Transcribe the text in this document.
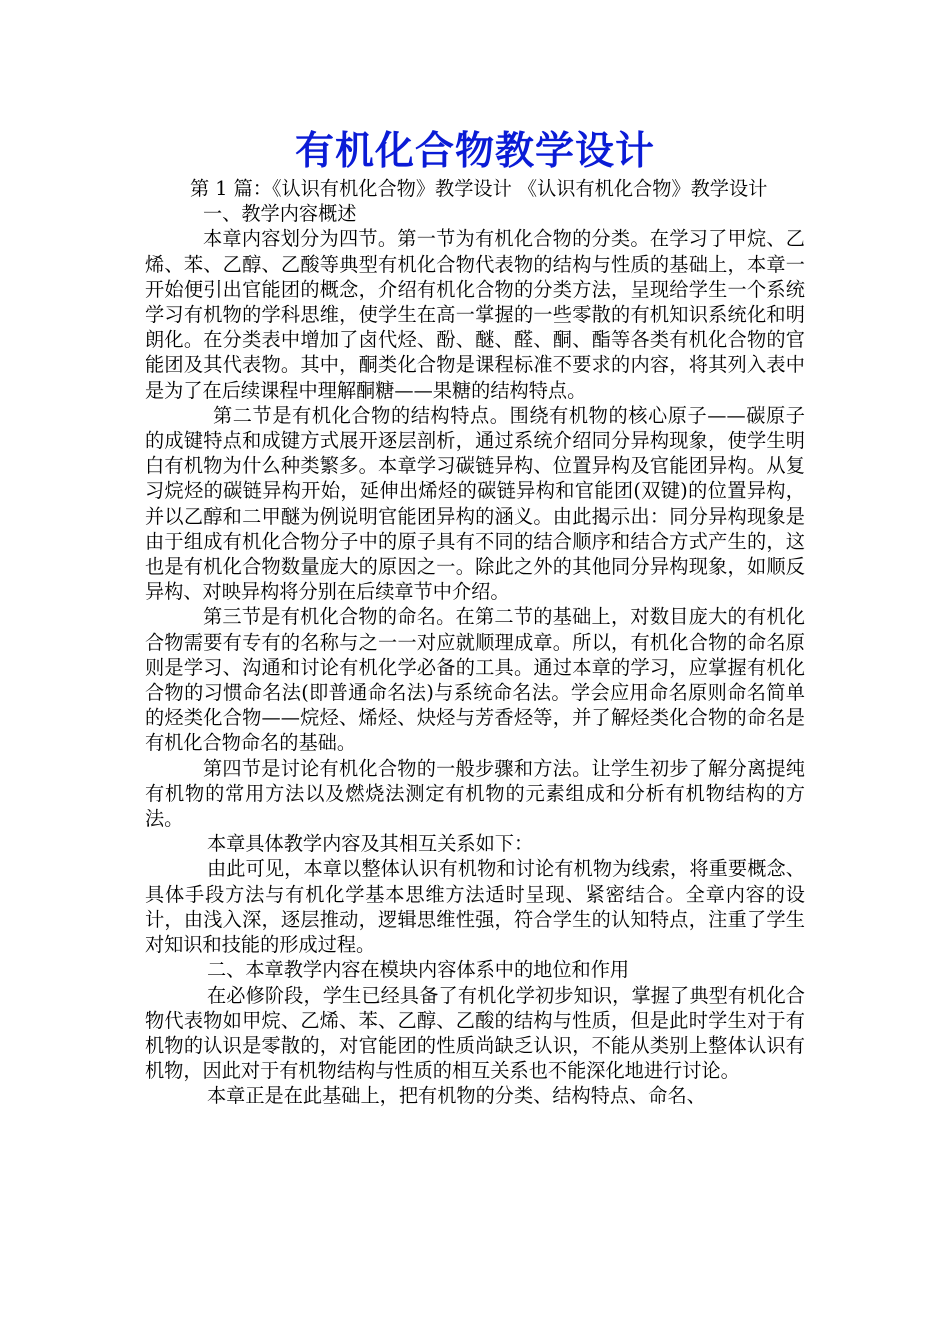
有机化合物教学设计

第 1 篇：《认识有机化合物》教学设计 《认识有机化合物》教学设计

一、教学内容概述

本章内容划分为四节。第一节为有机化合物的分类。在学习了甲烷、乙烯、苯、乙醇、乙酸等典型有机化合物代表物的结构与性质的基础上，本章一开始便引出官能团的概念，介绍有机化合物的分类方法，呈现给学生一个系统学习有机物的学科思维，使学生在高一掌握的一些零散的有机知识系统化和明朗化。在分类表中增加了卤代烃、酚、醚、醛、酮、酯等各类有机化合物的官能团及其代表物。其中，酮类化合物是课程标准不要求的内容，将其列入表中是为了在后续课程中理解酮糖——果糖的结构特点。

第二节是有机化合物的结构特点。围绕有机物的核心原子——碳原子的成键特点和成键方式展开逐层剖析，通过系统介绍同分异构现象，使学生明白有机物为什么种类繁多。本章学习碳链异构、位置异构及官能团异构。从复习烷烃的碳链异构开始，延伸出烯烃的碳链异构和官能团(双键)的位置异构，并以乙醇和二甲醚为例说明官能团异构的涵义。由此揭示出：同分异构现象是由于组成有机化合物分子中的原子具有不同的结合顺序和结合方式产生的，这也是有机化合物数量庞大的原因之一。除此之外的其他同分异构现象，如顺反异构、对映异构将分别在后续章节中介绍。

第三节是有机化合物的命名。在第二节的基础上，对数目庞大的有机化合物需要有专有的名称与之一一对应就顺理成章。所以，有机化合物的命名原则是学习、沟通和讨论有机化学必备的工具。通过本章的学习，应掌握有机化合物的习惯命名法(即普通命名法)与系统命名法。学会应用命名原则命名简单的烃类化合物——烷烃、烯烃、炔烃与芳香烃等，并了解烃类化合物的命名是有机化合物命名的基础。

第四节是讨论有机化合物的一般步骤和方法。让学生初步了解分离提纯有机物的常用方法以及燃烧法测定有机物的元素组成和分析有机物结构的方法。

本章具体教学内容及其相互关系如下：

由此可见，本章以整体认识有机物和讨论有机物为线索，将重要概念、具体手段方法与有机化学基本思维方法适时呈现、紧密结合。全章内容的设计，由浅入深，逐层推动，逻辑思维性强，符合学生的认知特点，注重了学生对知识和技能的形成过程。

二、本章教学内容在模块内容体系中的地位和作用

在必修阶段，学生已经具备了有机化学初步知识，掌握了典型有机化合物代表物如甲烷、乙烯、苯、乙醇、乙酸的结构与性质，但是此时学生对于有机物的认识是零散的，对官能团的性质尚缺乏认识，不能从类别上整体认识有机物，因此对于有机物结构与性质的相互关系也不能深化地进行讨论。

本章正是在此基础上，把有机物的分类、结构特点、命名、
